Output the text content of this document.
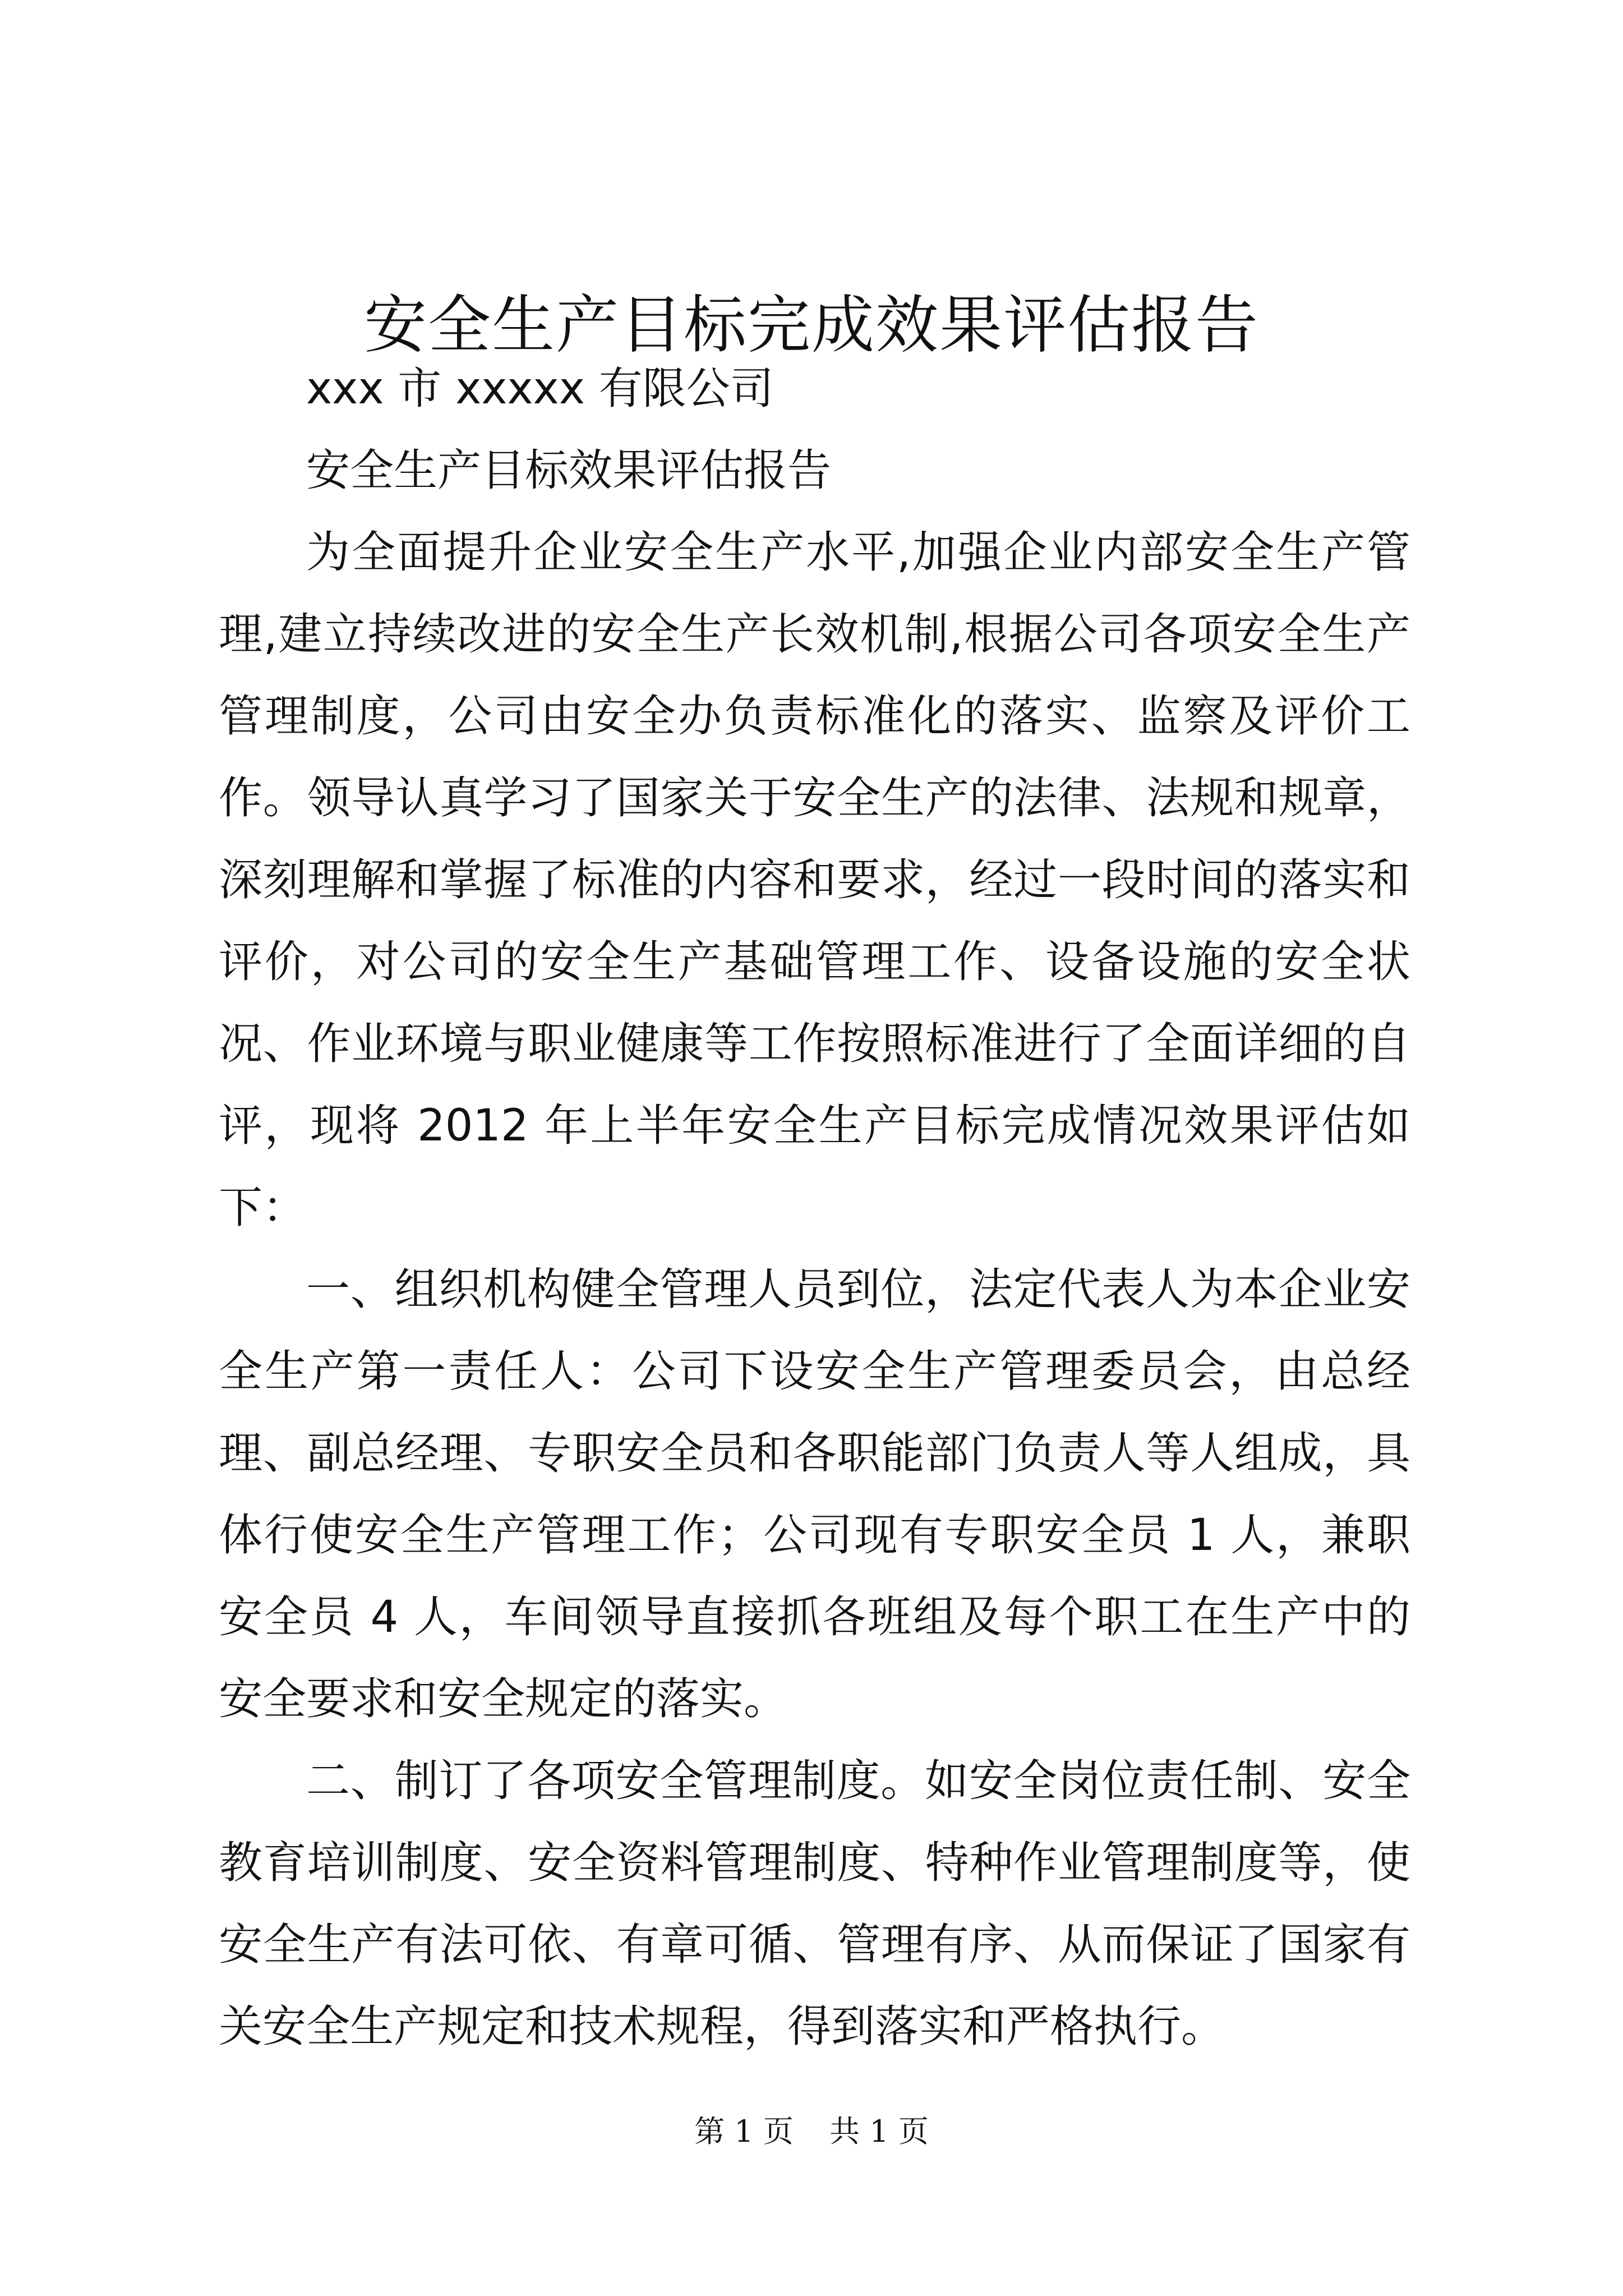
安全生产目标完成效果评估报告

xxx 市 xxxxx 有限公司

安全生产目标效果评估报告

为全面提升企业安全生产水平,加强企业内部安全生产管理,建立持续改进的安全生产长效机制,根据公司各项安全生产管理制度，公司由安全办负责标准化的落实、监察及评价工作。领导认真学习了国家关于安全生产的法律、法规和规章，深刻理解和掌握了标准的内容和要求，经过一段时间的落实和评价，对公司的安全生产基础管理工作、设备设施的安全状况、作业环境与职业健康等工作按照标准进行了全面详细的自评，现将 2012 年上半年安全生产目标完成情况效果评估如下：

一、组织机构健全管理人员到位，法定代表人为本企业安全生产第一责任人：公司下设安全生产管理委员会，由总经理、副总经理、专职安全员和各职能部门负责人等人组成，具体行使安全生产管理工作；公司现有专职安全员 1 人，兼职安全员 4 人，车间领导直接抓各班组及每个职工在生产中的安全要求和安全规定的落实。

二、制订了各项安全管理制度。如安全岗位责任制、安全教育培训制度、安全资料管理制度、特种作业管理制度等，使安全生产有法可依、有章可循、管理有序、从而保证了国家有关安全生产规定和技术规程，得到落实和严格执行。

第 1 页 共 1 页
